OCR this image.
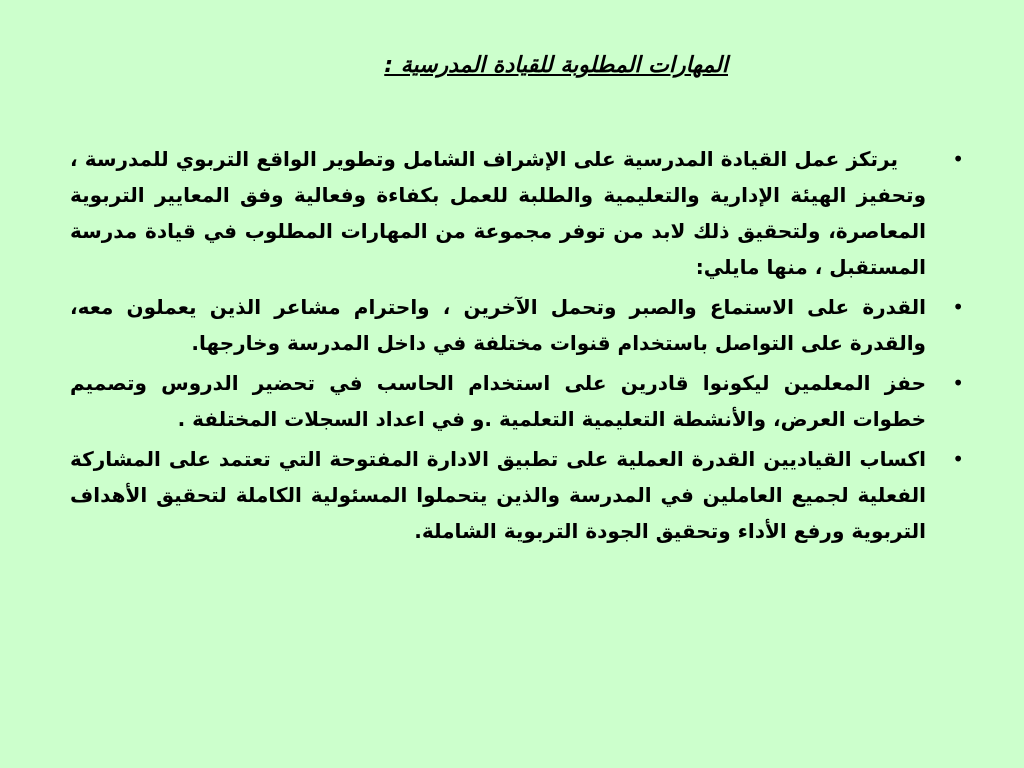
المهارات المطلوبة للقيادة المدرسية :
•
يرتكز عمل القيادة المدرسية على الإشراف الشامل وتطوير الواقع التربوي للمدرسة ، وتحفيز الهيئة الإدارية والتعليمية والطلبة للعمل بكفاءة وفعالية وفق المعايير التربوية المعاصرة، ولتحقيق ذلك لابد من توفر مجموعة من المهارات المطلوب في قيادة مدرسة المستقبل ، منها مايلي:
•
القدرة على الاستماع والصبر وتحمل الآخرين ، واحترام مشاعر الذين يعملون معه، والقدرة على التواصل باستخدام قنوات مختلفة في داخل المدرسة وخارجها.
•
حفز المعلمين ليكونوا قادرين على استخدام الحاسب في تحضير الدروس وتصميم خطوات العرض، والأنشطة التعليمية التعلمية .و في اعداد السجلات المختلفة .
•
اكساب القياديين القدرة العملية على تطبيق الادارة المفتوحة التي تعتمد على المشاركة الفعلية لجميع العاملين في المدرسة والذين يتحملوا المسئولية الكاملة لتحقيق الأهداف التربوية ورفع الأداء وتحقيق الجودة التربوية الشاملة.
